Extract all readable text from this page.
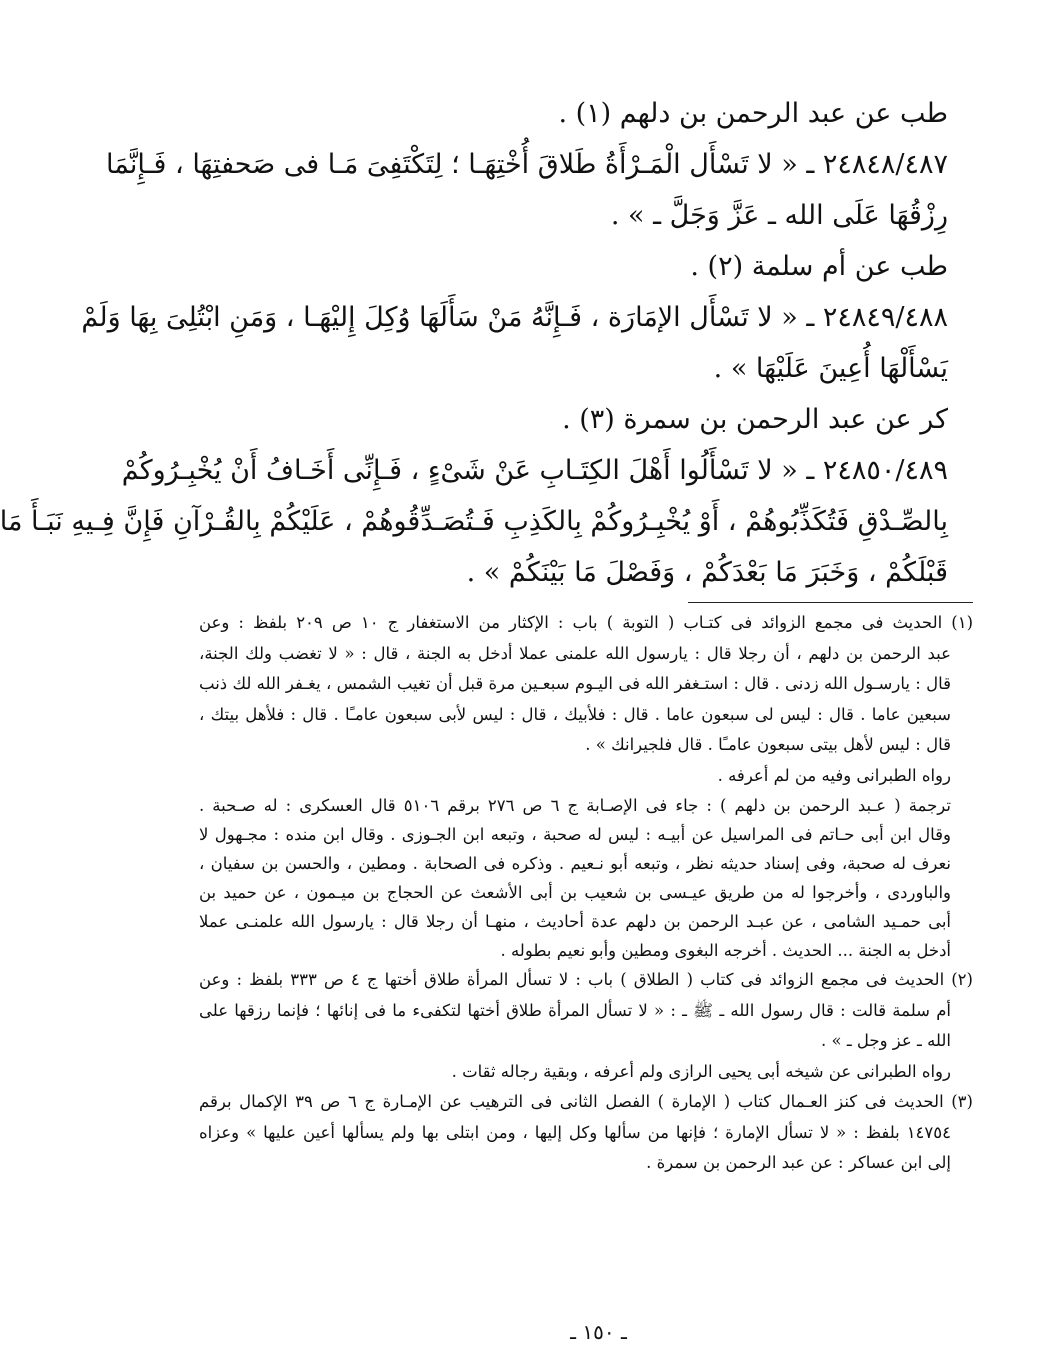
طب عن عبد الرحمن بن دلهم (١) .
٢٤٨٤٨/٤٨٧ ـ « لا تَسْأَل الْمَـرْأَةُ طَلاقَ أُخْتِهَـا ؛ لِتَكْتَفِىَ مَـا فى صَحفتِهَا ، فَـإِنَّمَا
رِزْقُهَا عَلَى الله ـ عَزَّ وَجَلَّ ـ » .
طب عن أم سلمة (٢) .
٢٤٨٤٩/٤٨٨ ـ « لا تَسْأَل الإمَارَة ، فَـإِنَّهُ مَنْ سَأَلَهَا وُكِلَ إِليْهَـا ، وَمَنِ ابْتُلِىَ بِهَا وَلَمْ
يَسْأَلْهَا أُعِينَ عَلَيْهَا » .
كر عن عبد الرحمن بن سمرة (٣) .
٢٤٨٥٠/٤٨٩ ـ « لا تَسْأَلُوا أَهْلَ الكِتَـابِ عَنْ شَىْءٍ ، فَـإِنِّى أَخَـافُ أَنْ يُخْبِـرُوكُمْ
بِالصِّـدْقِ فَتُكَذِّبُوهُمْ ، أَوْ يُخْبِـرُوكُمْ بِالكَذِبِ فَـتُصَـدِّقُوهُمْ ، عَلَيْكُمْ بِالقُـرْآنِ فَإِنَّ فِـيهِ نَبَـأَ مَا
قَبْلَكُمْ ، وَخَبَرَ مَا بَعْدَكُمْ ، وَفَصْلَ مَا بَيْنَكُمْ » .
(١) الحديث فى مجمع الزوائد فى كتـاب ( التوبة ) باب : الإكثار من الاستغفار ج ١٠ ص ٢٠٩ بلفظ : وعن
عبد الرحمن بن دلهم ، أن رجلا قال : يارسول الله علمنى عملا أدخل به الجنة ، قال : « لا تغضب ولك الجنة،
قال : يارسـول الله زدنى . قال : استـغفر الله فى اليـوم سبعـين مرة قبل أن تغيب الشمس ، يغـفر الله لك ذنب
سبعين عاما . قال : ليس لى سبعون عاما . قال : فلأبيك ، قال : ليس لأبى سبعون عامـًا . قال : فلأهل بيتك ،
قال : ليس لأهل بيتى سبعون عامـًا . قال فلجيرانك » .
رواه الطبرانى وفيه من لم أعرفه .
ترجمة ( عـبد الرحمن بن دلهم ) : جاء فى الإصـابة ج ٦ ص ٢٧٦ برقم ٥١٠٦ قال العسكرى : له صـحبة .
وقال ابن أبى حـاتم فى المراسيل عن أبيـه : ليس له صحبة ، وتبعه ابن الجـوزى . وقال ابن منده : مجـهول لا
نعرف له صحبة، وفى إسناد حديثه نظر ، وتبعه أبو نـعيم . وذكره فى الصحابة . ومطين ، والحسن بن سفيان ،
والباوردى ، وأخرجوا له من طريق عيـسى بن شعيب بن أبى الأشعث عن الحجاج بن ميـمون ، عن حميد بن
أبى حمـيد الشامى ، عن عبـد الرحمن بن دلهم عدة أحاديث ، منهـا أن رجلا قال : يارسول الله علمنـى عملا
أدخل به الجنة ... الحديث . أخرجه البغوى ومطين وأبو نعيم بطوله .
(٢) الحديث فى مجمع الزوائد فى كتاب ( الطلاق ) باب : لا تسأل المرأة طلاق أختها ج ٤ ص ٣٣٣ بلفظ : وعن
أم سلمة قالت : قال رسول الله ـ ﷺ ـ : « لا تسأل المرأة طلاق أختها لتكفىء ما فى إنائها ؛ فإنما رزقها على
الله ـ عز وجل ـ » .
رواه الطبرانى عن شيخه أبى يحيى الرازى ولم أعرفه ، وبقية رجاله ثقات .
(٣) الحديث فى كنز العـمال كتاب ( الإمارة ) الفصل الثانى فى الترهيب عن الإمـارة ج ٦ ص ٣٩ الإكمال برقم
١٤٧٥٤ بلفظ : « لا تسأل الإمارة ؛ فإنها من سألها وكل إليها ، ومن ابتلى بها ولم يسألها أعين عليها » وعزاه
إلى ابن عساكر : عن عبد الرحمن بن سمرة .
ـ ١٥٠ ـ
